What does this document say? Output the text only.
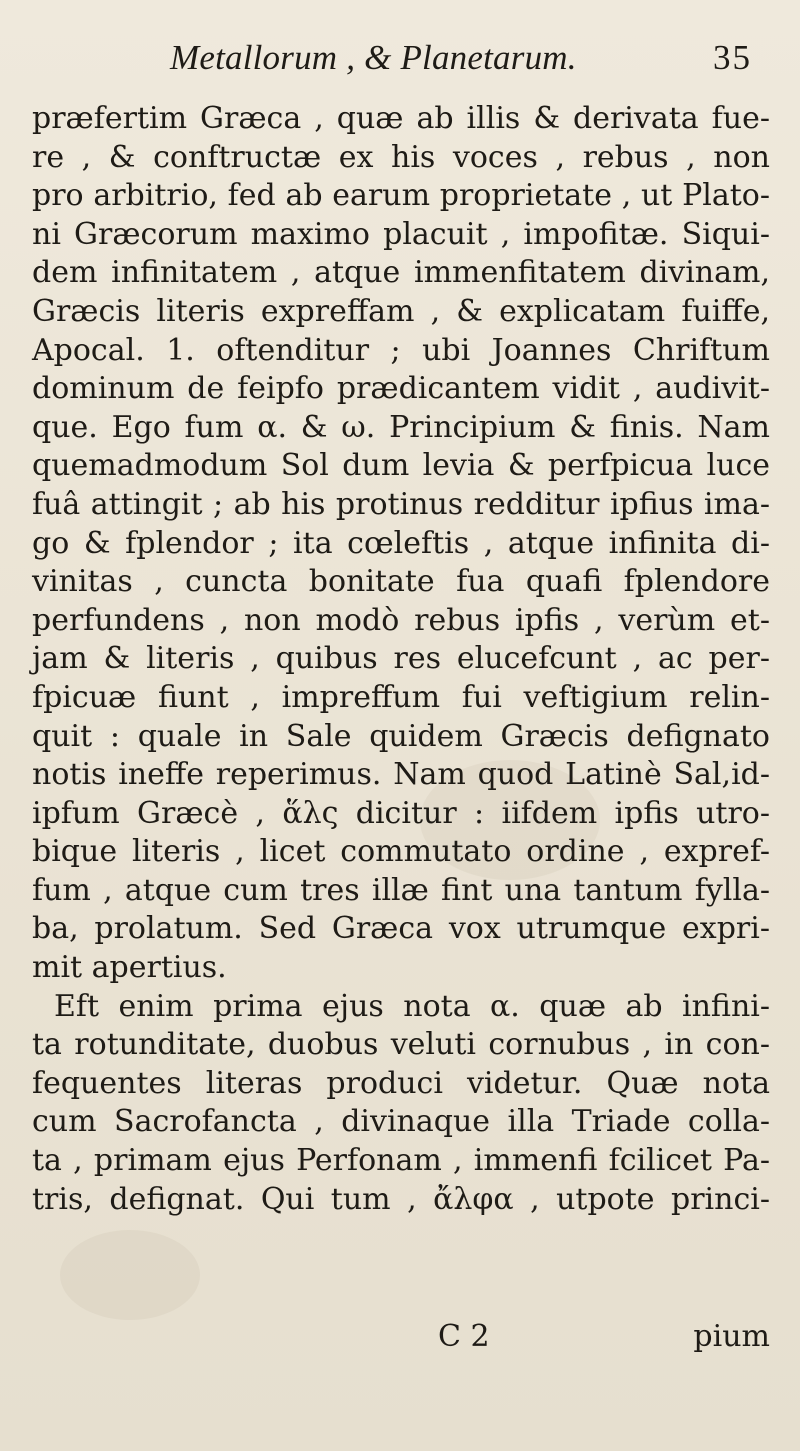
Metallorum , & Planetarum.	35
præfertim Græca , quæ ab illis & derivata fue-
re , & conftructæ ex his voces , rebus , non
pro arbitrio, fed ab earum proprietate , ut Plato-
ni Græcorum maximo placuit , impofitæ. Siqui-
dem infinitatem , atque immenfitatem divinam,
Græcis literis expreffam , & explicatam fuiffe,
Apocal. 1. oftenditur ; ubi Joannes Chriftum
dominum de feipfo prædicantem vidit , audivit-
que. Ego fum α. & ω. Principium & finis. Nam
quemadmodum Sol dum levia & perfpicua luce
fuâ attingit ; ab his protinus redditur ipfius ima-
go & fplendor ; ita cœleftis , atque infinita di-
vinitas , cuncta bonitate fua quafi fplendore
perfundens , non modò rebus ipfis , verùm et-
jam & literis , quibus res elucefcunt , ac per-
fpicuæ fiunt , impreffum fui veftigium relin-
quit : quale in Sale quidem Græcis defignato
notis ineffe reperimus. Nam quod Latinè Sal,id-
ipfum Græcè , ἅλς dicitur : iifdem ipfis utro-
bique literis , licet commutato ordine , expref-
fum , atque cum tres illæ fint una tantum fylla-
ba, prolatum. Sed Græca vox utrumque expri-
mit apertius.
Eft enim prima ejus nota α. quæ ab infini-
ta rotunditate, duobus veluti cornubus , in con-
fequentes literas produci videtur. Quæ nota
cum Sacrofancta , divinaque illa Triade colla-
ta , primam ejus Perfonam , immenfi fcilicet Pa-
tris, defignat. Qui tum , ἄλφα , utpote princi-
C 2	pium
